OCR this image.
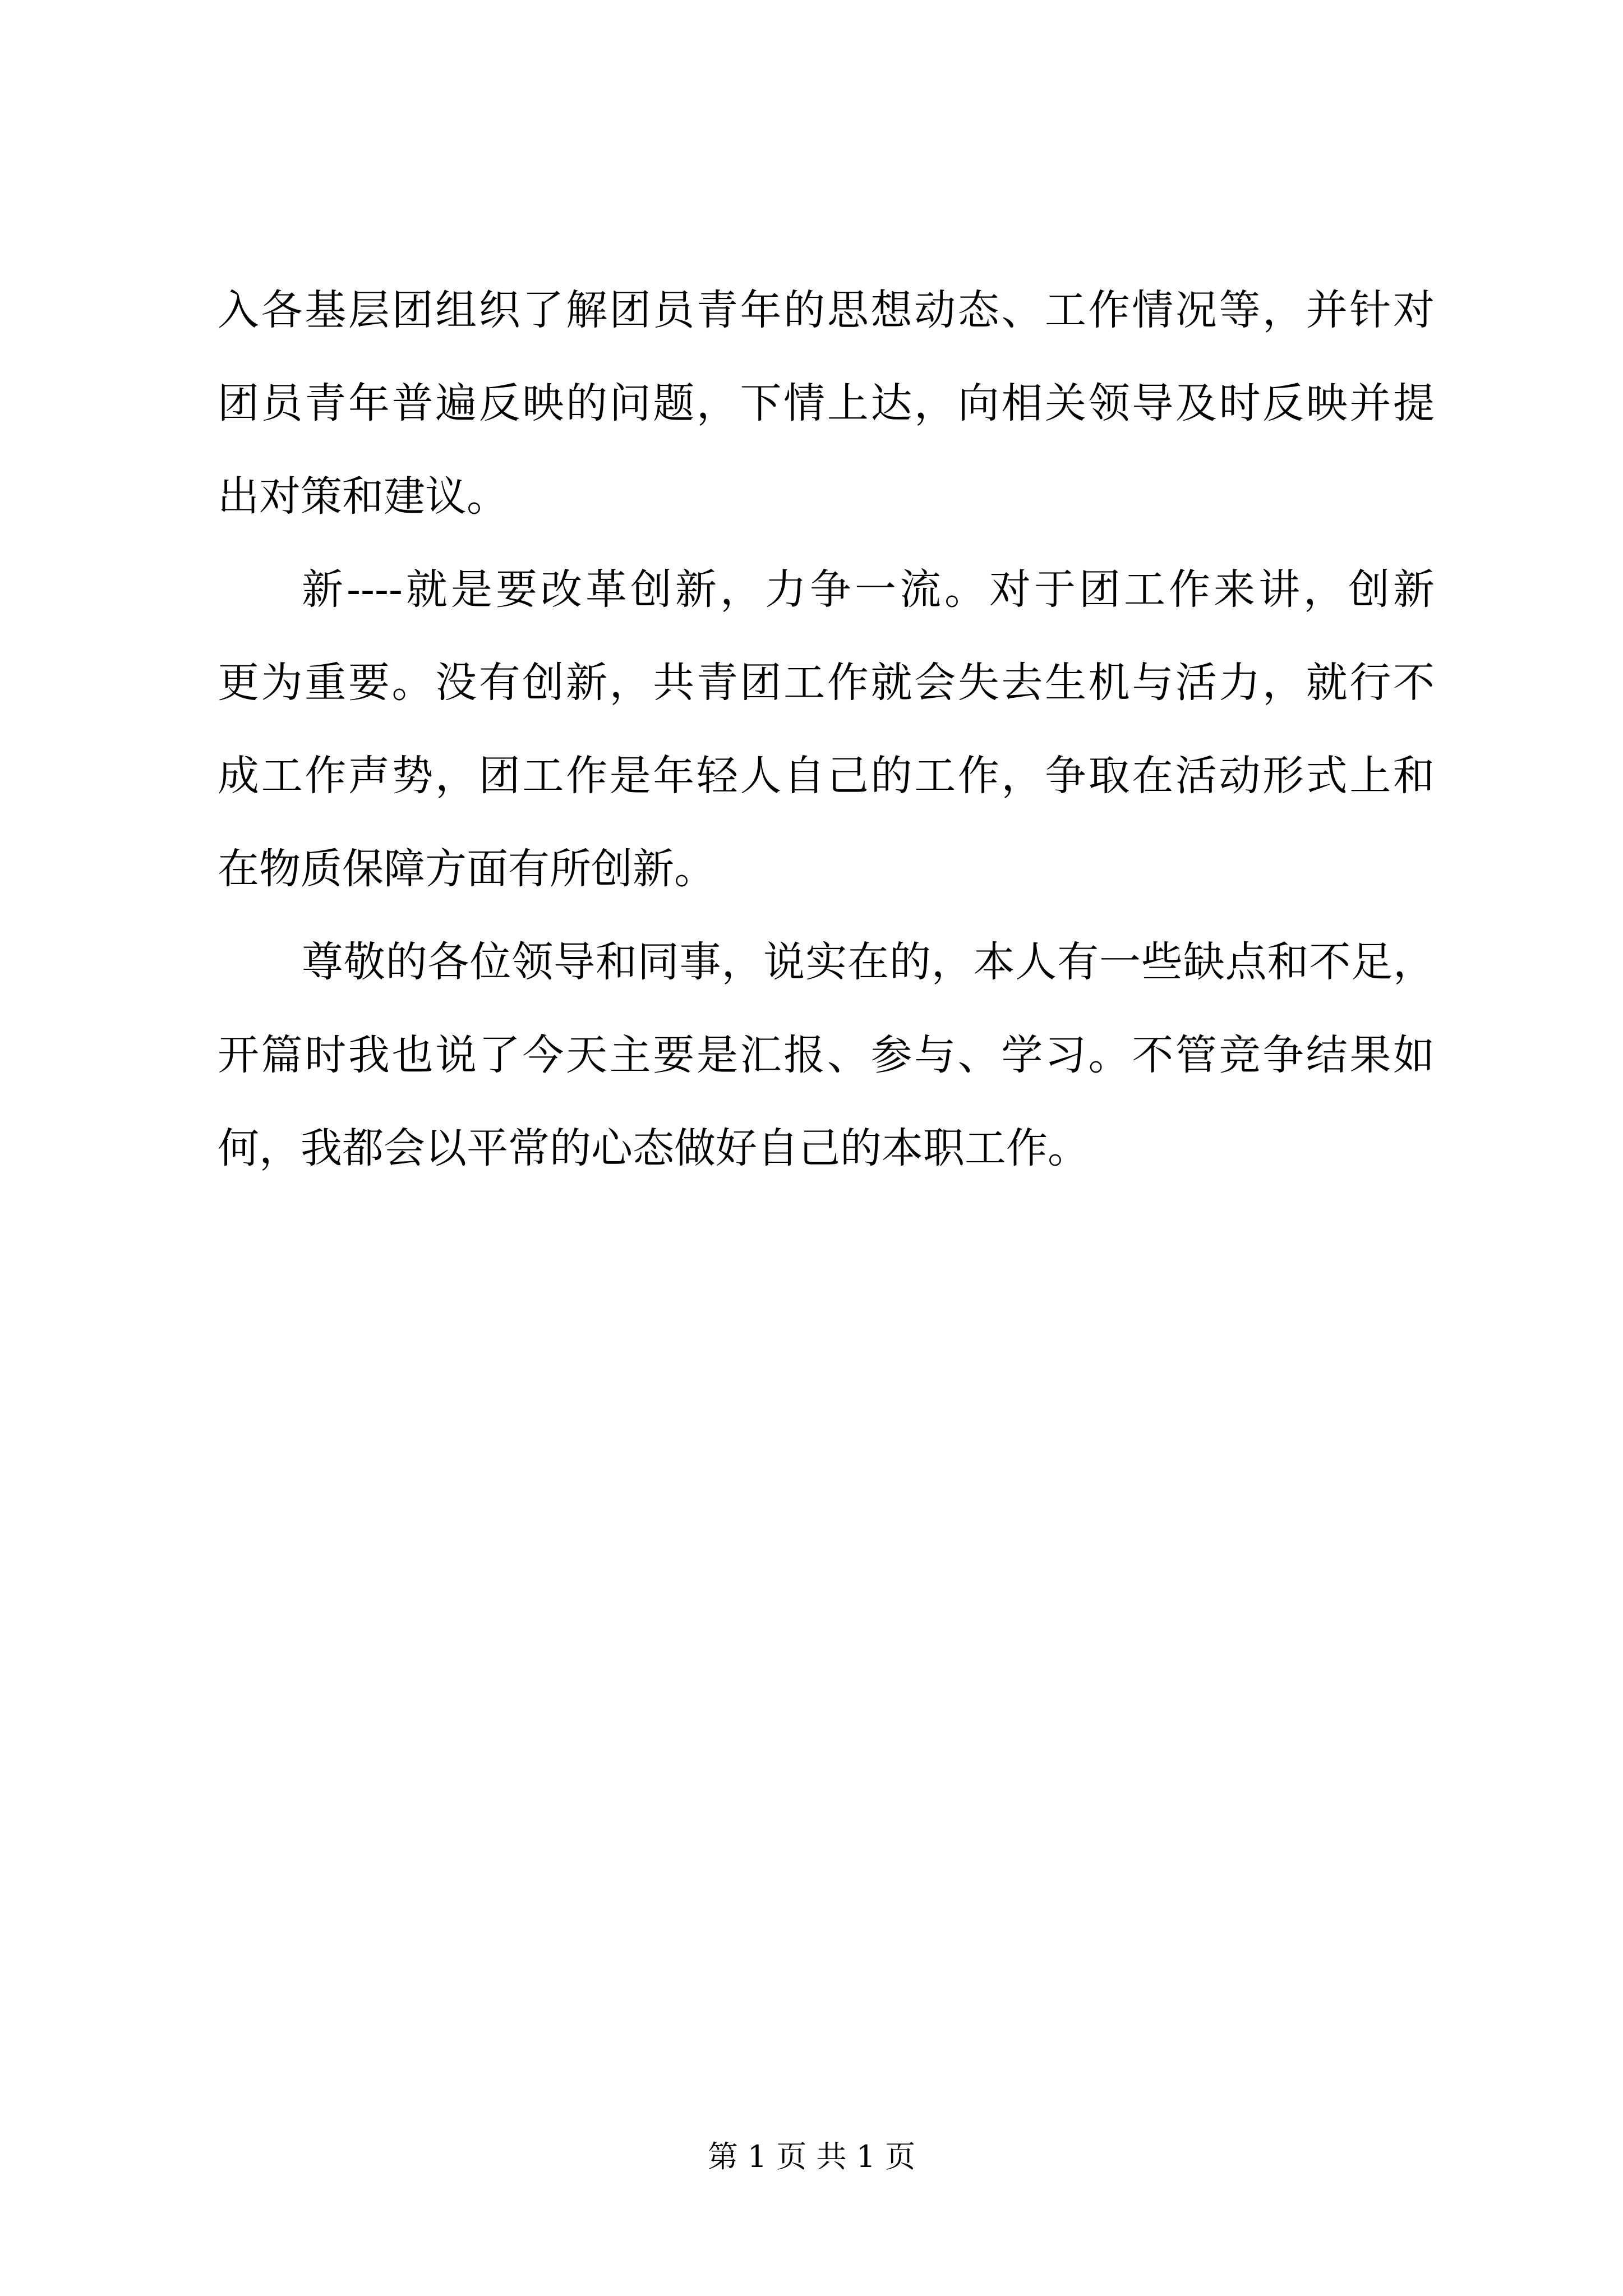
入各基层团组织了解团员青年的思想动态、工作情况等，并针对
团员青年普遍反映的问题，下情上达，向相关领导及时反映并提
出对策和建议。
新----就是要改革创新，力争一流。对于团工作来讲，创新
更为重要。没有创新，共青团工作就会失去生机与活力，就行不
成工作声势，团工作是年轻人自己的工作，争取在活动形式上和
在物质保障方面有所创新。
尊敬的各位领导和同事，说实在的，本人有一些缺点和不足，
开篇时我也说了今天主要是汇报、参与、学习。不管竞争结果如
何，我都会以平常的心态做好自己的本职工作。
第 1 页 共 1 页
